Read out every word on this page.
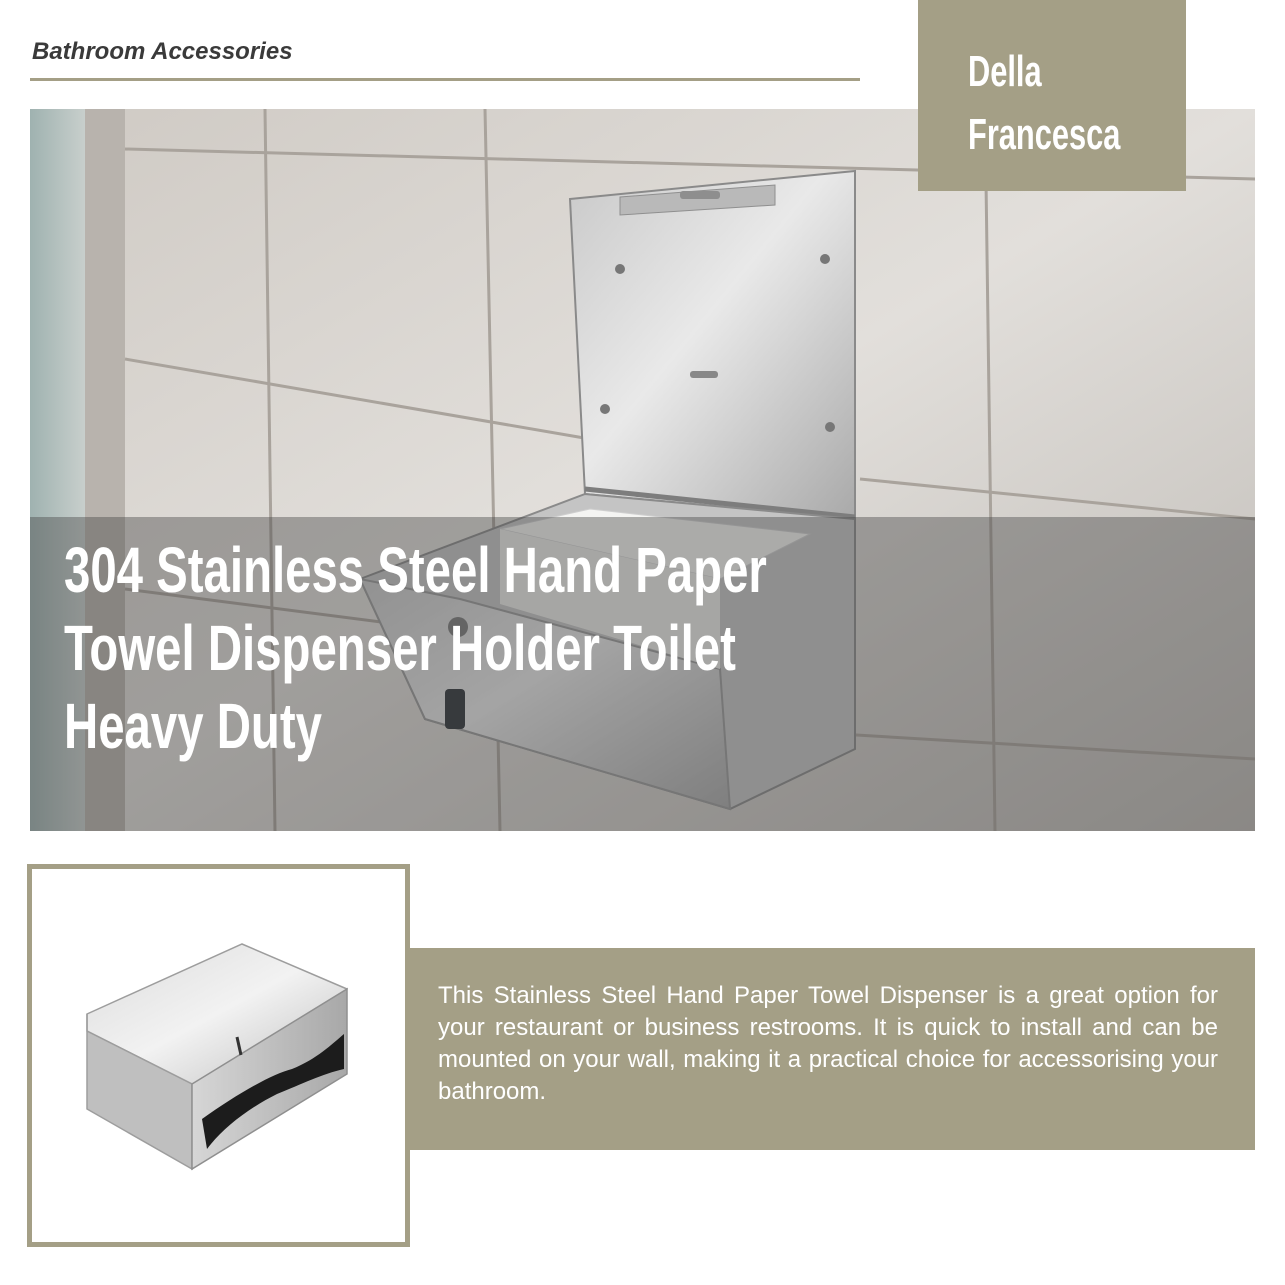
Bathroom Accessories
304 Stainless Steel Hand Paper
Towel Dispenser Holder Toilet
Heavy Duty
Della
Francesca
This Stainless Steel Hand Paper Towel Dispenser is a great option for your restaurant or business restrooms. It is quick to install and can be mounted on your wall, making it a practical choice for accessorising your bathroom.
